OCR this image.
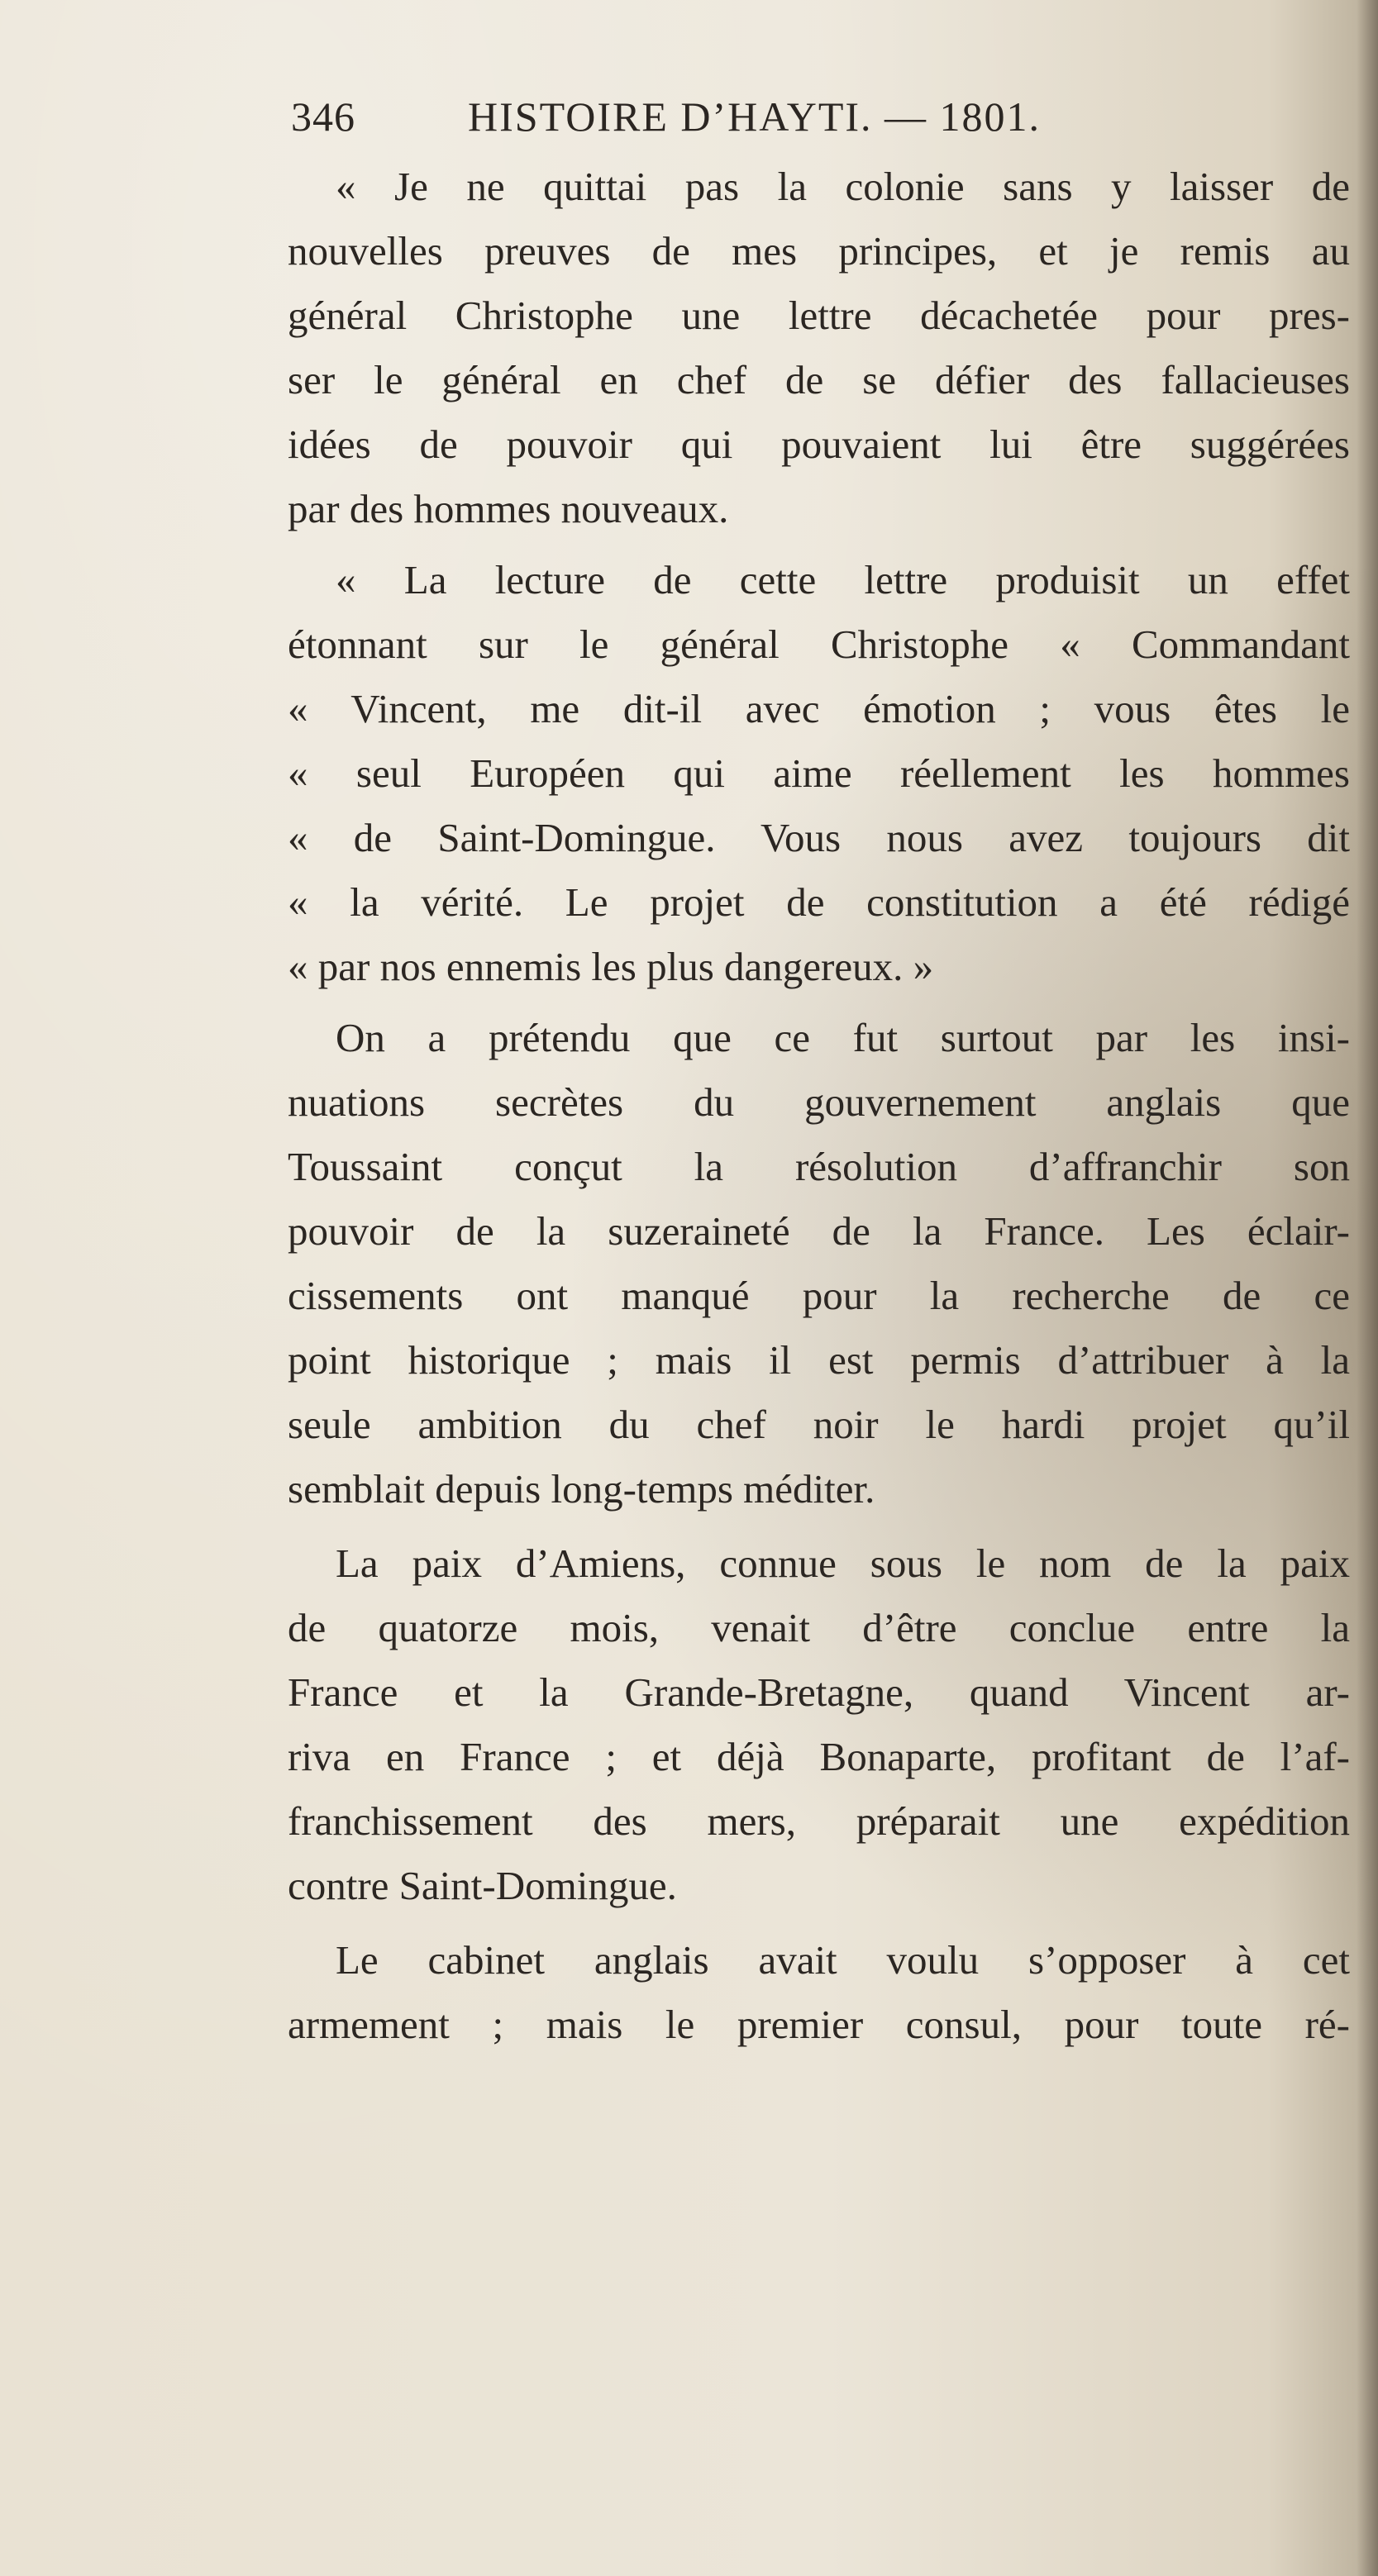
346	HISTOIRE D’HAYTI. — 1801.
« Je ne quittai pas la colonie sans y laisser de
nouvelles preuves de mes principes, et je remis au
général Christophe une lettre décachetée pour pres-
ser le général en chef de se défier des fallacieuses
idées de pouvoir qui pouvaient lui être suggérées
par des hommes nouveaux.
« La lecture de cette lettre produisit un effet
étonnant sur le général Christophe « Commandant
« Vincent, me dit-il avec émotion ; vous êtes le
« seul Européen qui aime réellement les hommes
« de Saint-Domingue. Vous nous avez toujours dit
« la vérité. Le projet de constitution a été rédigé
« par nos ennemis les plus dangereux. »
On a prétendu que ce fut surtout par les insi-
nuations secrètes du gouvernement anglais que
Toussaint conçut la résolution d’affranchir son
pouvoir de la suzeraineté de la France. Les éclair-
cissements ont manqué pour la recherche de ce
point historique ; mais il est permis d’attribuer à la
seule ambition du chef noir le hardi projet qu’il
semblait depuis long-temps méditer.
La paix d’Amiens, connue sous le nom de la paix
de quatorze mois, venait d’être conclue entre la
France et la Grande-Bretagne, quand Vincent ar-
riva en France ; et déjà Bonaparte, profitant de l’af-
franchissement des mers, préparait une expédition
contre Saint-Domingue.
Le cabinet anglais avait voulu s’opposer à cet
armement ; mais le premier consul, pour toute ré-
